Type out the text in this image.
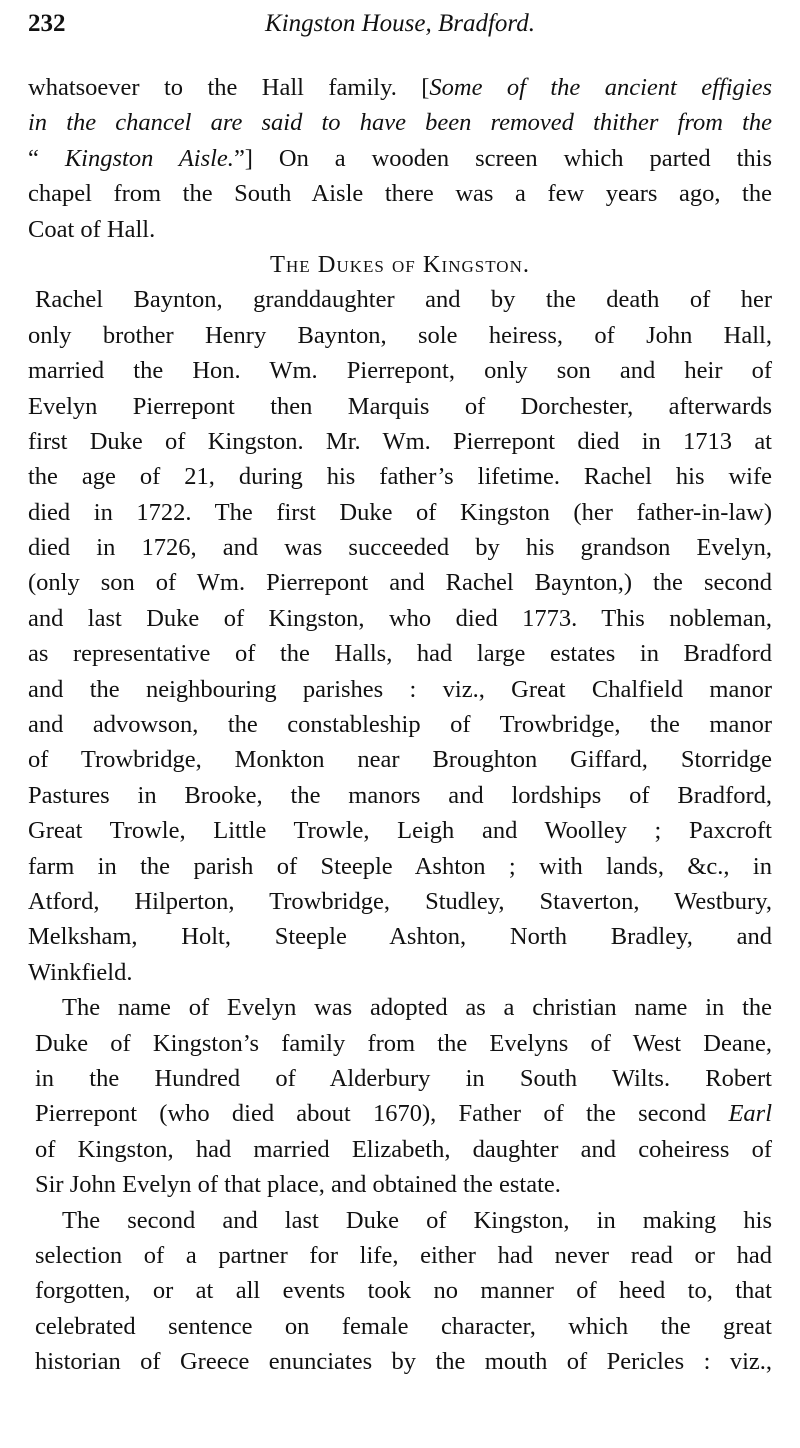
232	Kingston House, Bradford.
whatsoever to the Hall family. [Some of the ancient effigies
in the chancel are said to have been removed thither from the
“ Kingston Aisle.”] On a wooden screen which parted this
chapel from the South Aisle there was a few years ago, the
Coat of Hall.
The Dukes of Kingston.
Rachel Baynton, granddaughter and by the death of her
only brother Henry Baynton, sole heiress, of John Hall,
married the Hon. Wm. Pierrepont, only son and heir of
Evelyn Pierrepont then Marquis of Dorchester, afterwards
first Duke of Kingston. Mr. Wm. Pierrepont died in 1713 at
the age of 21, during his father’s lifetime. Rachel his wife
died in 1722. The first Duke of Kingston (her father-in-law)
died in 1726, and was succeeded by his grandson Evelyn,
(only son of Wm. Pierrepont and Rachel Baynton,) the second
and last Duke of Kingston, who died 1773. This nobleman,
as representative of the Halls, had large estates in Bradford
and the neighbouring parishes : viz., Great Chalfield manor
and advowson, the constableship of Trowbridge, the manor
of Trowbridge, Monkton near Broughton Giffard, Storridge
Pastures in Brooke, the manors and lordships of Bradford,
Great Trowle, Little Trowle, Leigh and Woolley ; Paxcroft
farm in the parish of Steeple Ashton ; with lands, &c., in
Atford, Hilperton, Trowbridge, Studley, Staverton, Westbury,
Melksham, Holt, Steeple Ashton, North Bradley, and
Winkfield.
The name of Evelyn was adopted as a christian name in the
Duke of Kingston’s family from the Evelyns of West Deane,
in the Hundred of Alderbury in South Wilts. Robert
Pierrepont (who died about 1670), Father of the second Earl
of Kingston, had married Elizabeth, daughter and coheiress of
Sir John Evelyn of that place, and obtained the estate.
The second and last Duke of Kingston, in making his
selection of a partner for life, either had never read or had
forgotten, or at all events took no manner of heed to, that
celebrated sentence on female character, which the great
historian of Greece enunciates by the mouth of Pericles : viz.,
